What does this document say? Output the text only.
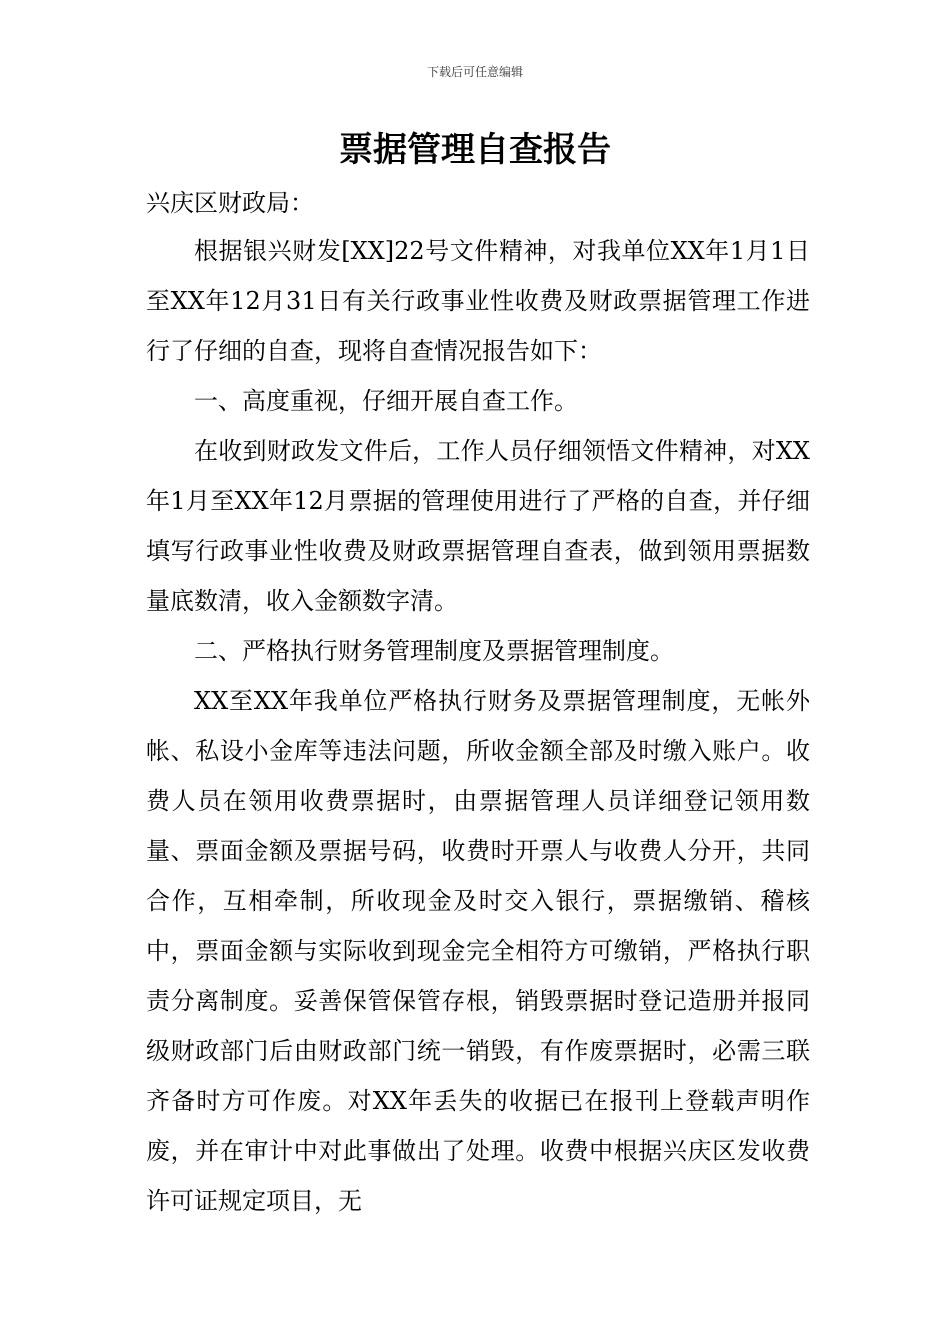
下载后可任意编辑
票据管理自查报告

兴庆区财政局：

根据银兴财发[XX]22号文件精神，对我单位XX年1月1日至XX年12月31日有关行政事业性收费及财政票据管理工作进行了仔细的自查，现将自查情况报告如下：

一、高度重视，仔细开展自查工作。

在收到财政发文件后，工作人员仔细领悟文件精神，对XX年1月至XX年12月票据的管理使用进行了严格的自查，并仔细填写行政事业性收费及财政票据管理自查表，做到领用票据数量底数清，收入金额数字清。

二、严格执行财务管理制度及票据管理制度。

XX至XX年我单位严格执行财务及票据管理制度，无帐外帐、私设小金库等违法问题，所收金额全部及时缴入账户。收费人员在领用收费票据时，由票据管理人员详细登记领用数量、票面金额及票据号码，收费时开票人与收费人分开，共同合作，互相牵制，所收现金及时交入银行，票据缴销、稽核中，票面金额与实际收到现金完全相符方可缴销，严格执行职责分离制度。妥善保管保管存根，销毁票据时登记造册并报同级财政部门后由财政部门统一销毁，有作废票据时，必需三联齐备时方可作废。对XX年丢失的收据已在报刊上登载声明作废，并在审计中对此事做出了处理。收费中根据兴庆区发收费许可证规定项目，无
